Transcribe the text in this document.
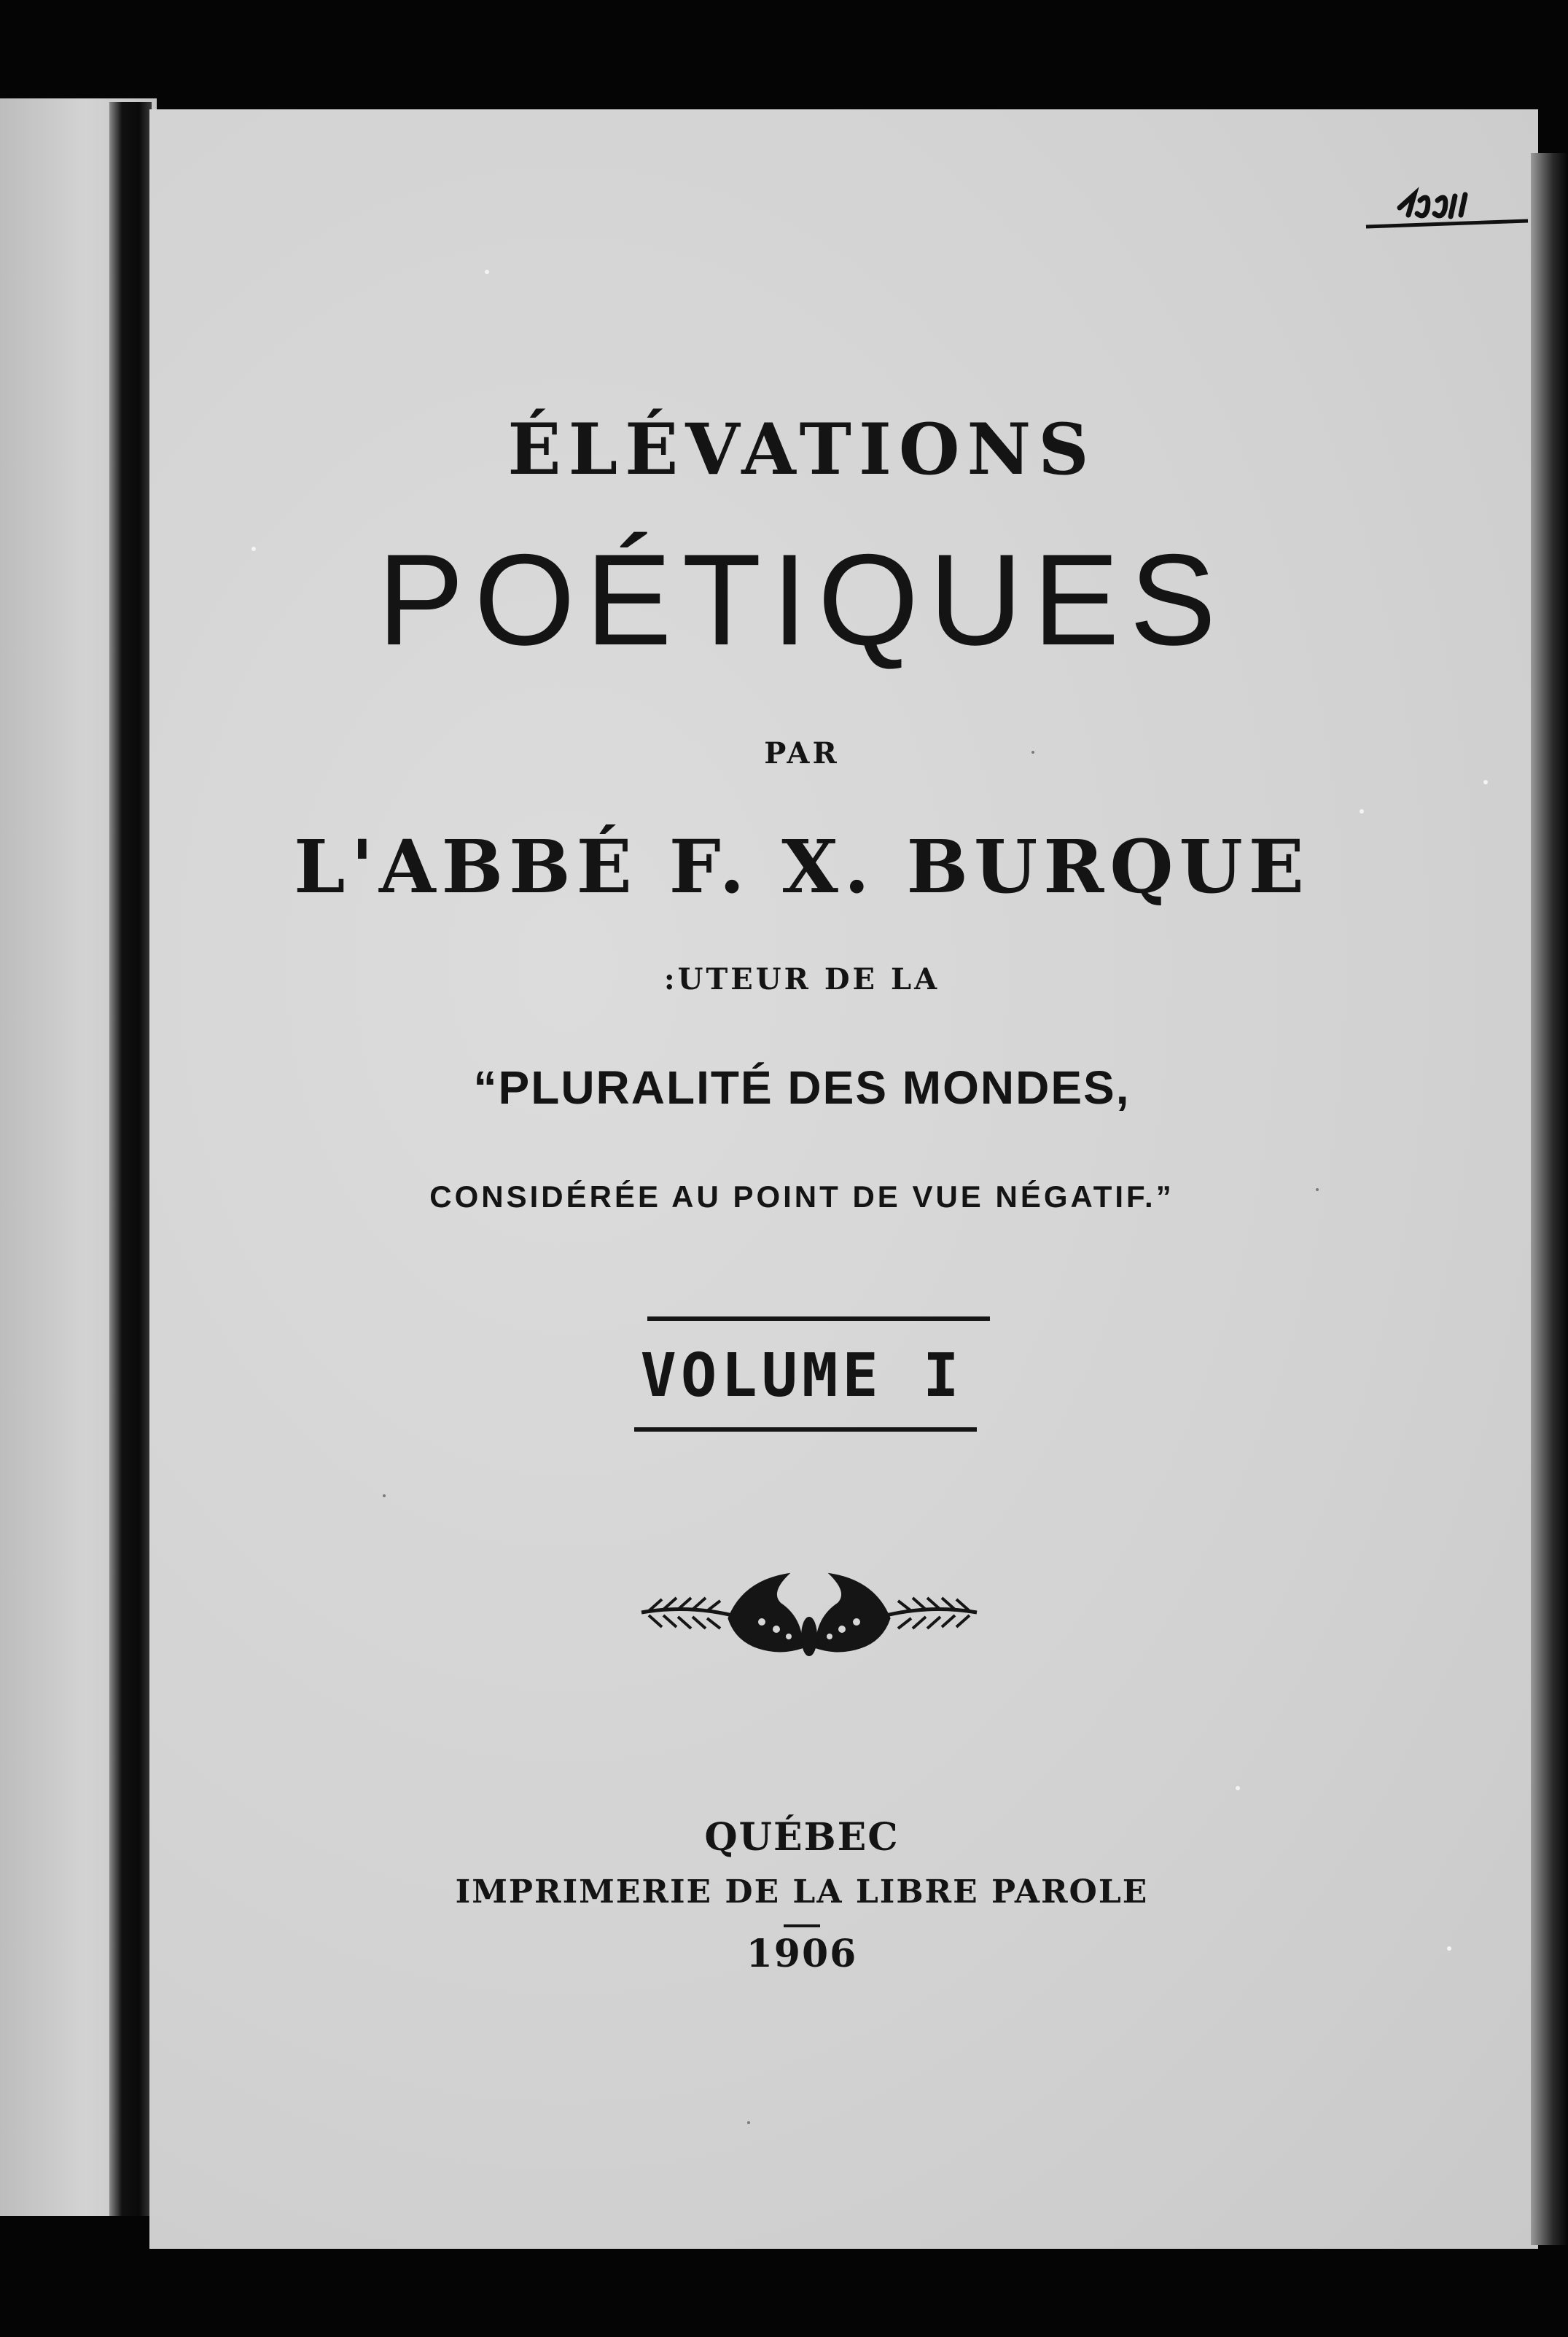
ÉLÉVATIONS

POÉTIQUES

PAR

L'ABBÉ F. X. BURQUE

:UTEUR DE LA

“PLURALITÉ DES MONDES,

CONSIDÉRÉE AU POINT DE VUE NÉGATIF.”

VOLUME I

QUÉBEC

IMPRIMERIE DE LA LIBRE PAROLE

1906
